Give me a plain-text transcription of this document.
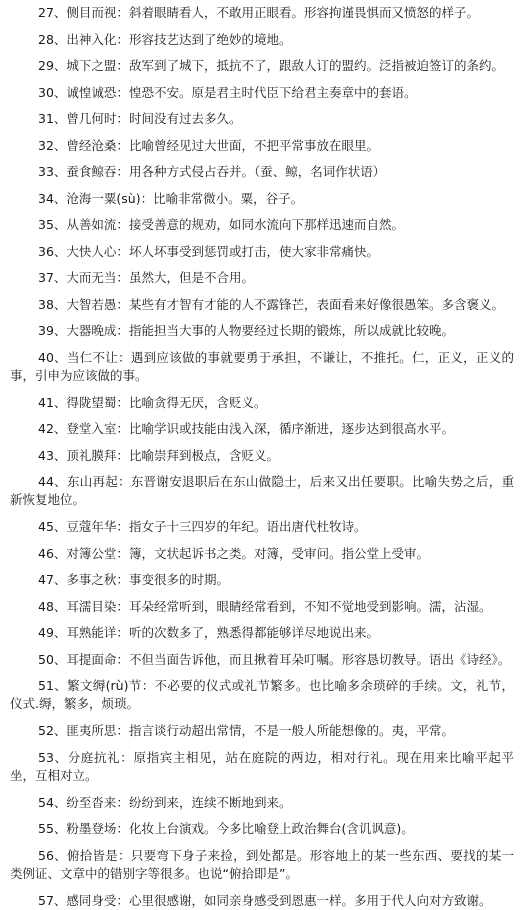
27、侧目而视：斜着眼睛看人，不敢用正眼看。形容拘谨畏惧而又愤怒的样子。

28、出神入化：形容技艺达到了绝妙的境地。

29、城下之盟：敌军到了城下，抵抗不了，跟敌人订的盟约。泛指被迫签订的条约。

30、诚惶诚恐：惶恐不安。原是君主时代臣下给君主奏章中的套语。

31、曾几何时：时间没有过去多久。

32、曾经沧桑：比喻曾经见过大世面，不把平常事放在眼里。

33、蚕食鲸吞：用各种方式侵占吞并。（蚕、鲸，名词作状语）

34、沧海一粟(sù)：比喻非常微小。粟，谷子。

35、从善如流：接受善意的规劝，如同水流向下那样迅速而自然。

36、大快人心：坏人坏事受到惩罚或打击，使大家非常痛快。

37、大而无当：虽然大，但是不合用。

38、大智若愚：某些有才智有才能的人不露锋芒，表面看来好像很愚笨。多含褒义。

39、大器晚成：指能担当大事的人物要经过长期的锻炼，所以成就比较晚。

40、当仁不让：遇到应该做的事就要勇于承担，不谦让，不推托。仁，正义，正义的事，引申为应该做的事。

41、得陇望蜀：比喻贪得无厌，含贬义。

42、登堂入室：比喻学识或技能由浅入深，循序渐进，逐步达到很高水平。

43、顶礼膜拜：比喻崇拜到极点，含贬义。

44、东山再起：东晋谢安退职后在东山做隐士，后来又出任要职。比喻失势之后，重新恢复地位。

45、豆蔻年华：指女子十三四岁的年纪。语出唐代杜牧诗。

46、对簿公堂：簿，文状起诉书之类。对簿，受审问。指公堂上受审。

47、多事之秋：事变很多的时期。

48、耳濡目染：耳朵经常听到，眼睛经常看到，不知不觉地受到影响。濡，沾湿。

49、耳熟能详：听的次数多了，熟悉得都能够详尽地说出来。

50、耳提面命：不但当面告诉他，而且揪着耳朵叮嘱。形容恳切教导。语出《诗经》。

51、繁文缛(rù)节：不必要的仪式或礼节繁多。也比喻多余琐碎的手续。文，礼节，仪式.缛，繁多，烦琐。

52、匪夷所思：指言谈行动超出常情，不是一般人所能想像的。夷，平常。

53、分庭抗礼：原指宾主相见，站在庭院的两边，相对行礼。现在用来比喻平起平坐，互相对立。

54、纷至沓来：纷纷到来，连续不断地到来。

55、粉墨登场：化妆上台演戏。今多比喻登上政治舞台(含讥讽意)。

56、俯拾皆是：只要弯下身子来捡，到处都是。形容地上的某一些东西、要找的某一类例证、文章中的错别字等很多。也说“俯拾即是”。

57、感同身受：心里很感谢，如同亲身感受到恩惠一样。多用于代人向对方致谢。
